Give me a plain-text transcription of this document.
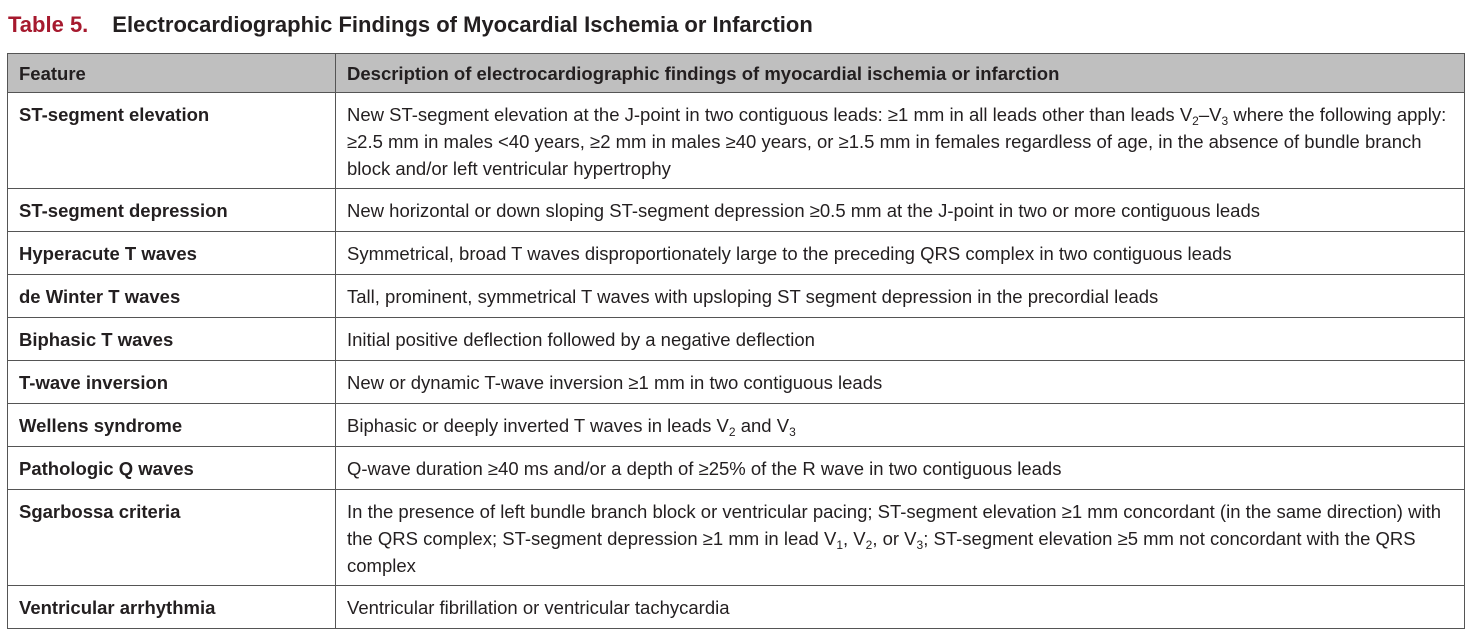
Table 5. Electrocardiographic Findings of Myocardial Ischemia or Infarction
Feature	Description of electrocardiographic findings of myocardial ischemia or infarction
ST-segment elevation	New ST-segment elevation at the J-point in two contiguous leads: ≥1 mm in all leads other than leads $V_2-V_3$ where the following apply: ≥2.5 mm in males <40 years, ≥2 mm in males ≥40 years, or ≥1.5 mm in females regardless of age, in the absence of bundle branch block and/or left ventricular hypertrophy
ST-segment depression	New horizontal or down sloping ST-segment depression ≥0.5 mm at the J-point in two or more contiguous leads
Hyperacute T waves	Symmetrical, broad T waves disproportionately large to the preceding QRS complex in two contiguous leads
de Winter T waves	Tall, prominent, symmetrical T waves with upsloping ST segment depression in the precordial leads
Biphasic T waves	Initial positive deflection followed by a negative deflection
T-wave inversion	New or dynamic T-wave inversion ≥1 mm in two contiguous leads
Wellens syndrome	Biphasic or deeply inverted T waves in leads $V_2$ and $V_3$
Pathologic Q waves	Q-wave duration ≥40 ms and/or a depth of ≥25% of the R wave in two contiguous leads
Sgarbossa criteria	In the presence of left bundle branch block or ventricular pacing; ST-segment elevation ≥1 mm concordant (in the same direction) with the QRS complex; ST-segment depression ≥1 mm in lead $V_1$, $V_2$, or $V_3$; ST-segment elevation ≥5 mm not concordant with the QRS complex
Ventricular arrhythmia	Ventricular fibrillation or ventricular tachycardia
